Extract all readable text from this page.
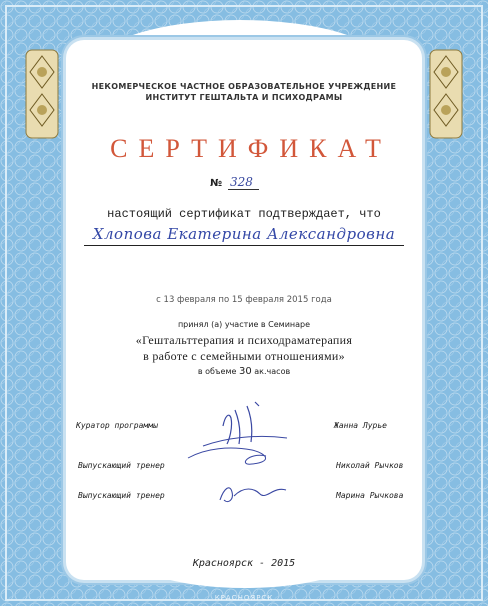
НЕКОМЕРЧЕСКОЕ ЧАСТНОЕ ОБРАЗОВАТЕЛЬНОЕ УЧРЕЖДЕНИЕ
ИНСТИТУТ ГЕШТАЛЬТА И ПСИХОДРАМЫ
СЕРТИФИКАТ
№ 328
настоящий сертификат подтверждает, что
Хлопова Екатерина Александровна
с 13 февраля по 15 февраля 2015 года
принял (а) участие в Семинаре
«Гештальттерапия и психодраматерапия
в работе с семейными отношениями»
в объеме 30 ак.часов
Куратор программы	Жанна Лурье
Выпускающий тренер	Николай Рычков
Выпускающий тренер	Марина Рычкова
Красноярск - 2015
КРАСНОЯРСК
